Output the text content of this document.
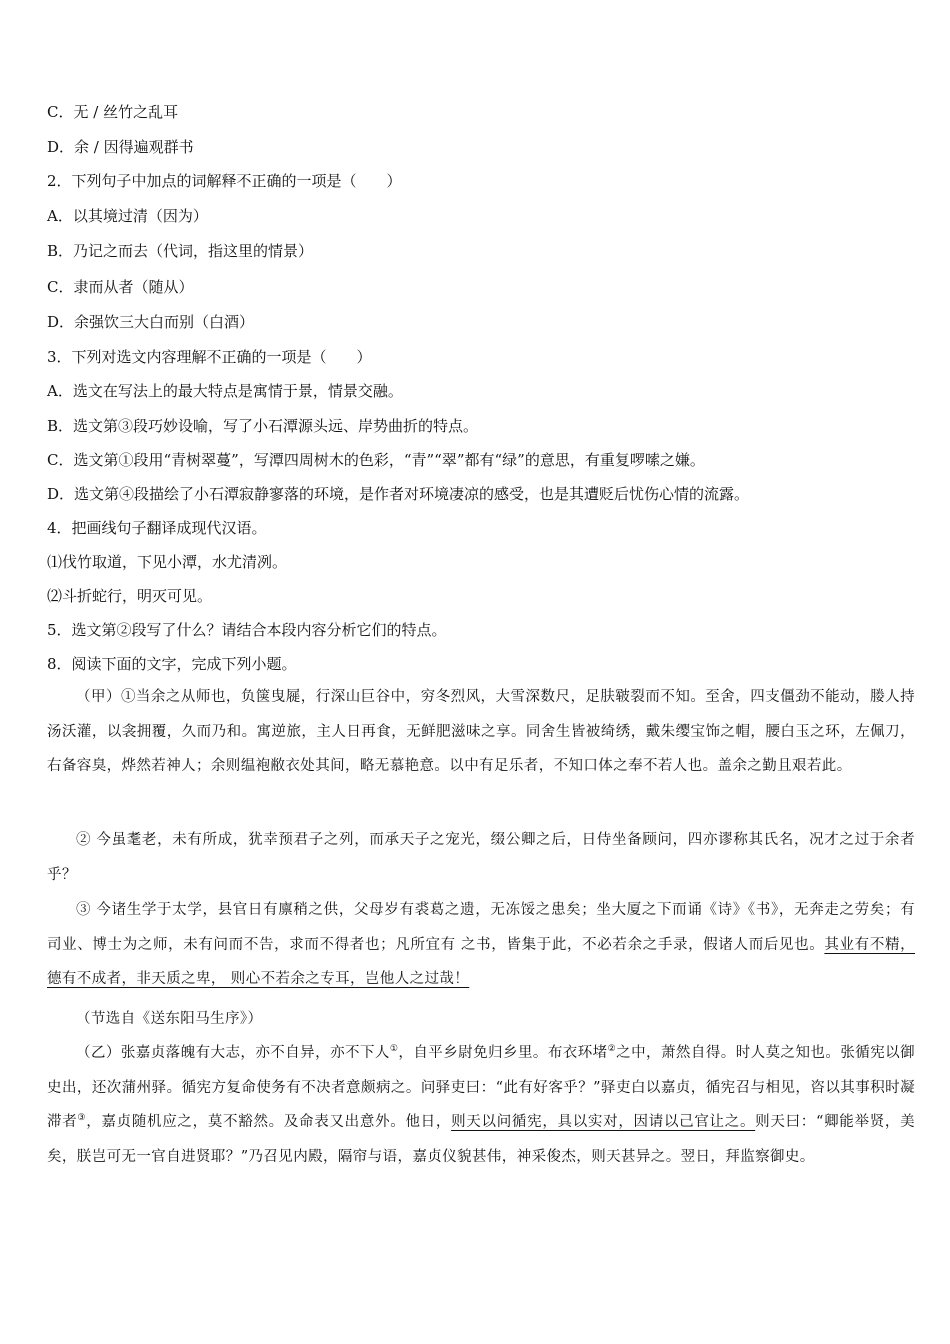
C．无 / 丝竹之乱耳
D．余 / 因得遍观群书
2．下列句子中加点的词解释不正确的一项是（　　）
A．以其境过清（因为）
B．乃记之而去（代词，指这里的情景）
C．隶而从者（随从）
D．余强饮三大白而别（白酒）
3．下列对选文内容理解不正确的一项是（　　）
A．选文在写法上的最大特点是寓情于景，情景交融。
B．选文第③段巧妙设喻，写了小石潭源头远、岸势曲折的特点。
C．选文第①段用“青树翠蔓”，写潭四周树木的色彩，“青”“翠”都有“绿”的意思，有重复啰嗦之嫌。
D．选文第④段描绘了小石潭寂静寥落的环境，是作者对环境凄凉的感受，也是其遭贬后忧伤心情的流露。
4．把画线句子翻译成现代汉语。
⑴伐竹取道，下见小潭，水尤清冽。
⑵斗折蛇行，明灭可见。
5．选文第②段写了什么？请结合本段内容分析它们的特点。
8．阅读下面的文字，完成下列小题。
（甲）①当余之从师也，负箧曳屣，行深山巨谷中，穷冬烈风，大雪深数尺，足肤皲裂而不知。至舍，四支僵劲不能动，媵人持汤沃灌，以衾拥覆，久而乃和。寓逆旅，主人日再食，无鲜肥滋味之享。同舍生皆被绮绣，戴朱缨宝饰之帽，腰白玉之环，左佩刀，右备容臭，烨然若神人；余则缊袍敝衣处其间，略无慕艳意。以中有足乐者，不知口体之奉不若人也。盖余之勤且艰若此。
② 今虽耄老，未有所成，犹幸预君子之列，而承天子之宠光，缀公卿之后，日侍坐备顾问，四亦谬称其氏名，况才之过于余者乎？
③ 今诸生学于太学，县官日有廪稍之供，父母岁有裘葛之遗，无冻馁之患矣；坐大厦之下而诵《诗》《书》，无奔走之劳矣；有司业、博士为之师，未有问而不告，求而不得者也；凡所宜有 之书，皆集于此，不必若余之手录，假诸人而后见也。其业有不精，德有不成者，非天质之卑， 则心不若余之专耳，岂他人之过哉！
（节选自《送东阳马生序》）
（乙）张嘉贞落魄有大志，亦不自异，亦不下人①，自平乡尉免归乡里。布衣环堵②之中，萧然自得。时人莫之知也。张循宪以御史出，还次蒲州驿。循宪方复命使务有不决者意颇病之。问驿吏曰：“此有好客乎？”驿吏白以嘉贞，循宪召与相见，咨以其事积时凝滞者③，嘉贞随机应之，莫不豁然。及命表又出意外。他日，则天以问循宪，具以实对，因请以己官让之。则天曰：“卿能举贤，美矣，朕岂可无一官自进贤耶？”乃召见内殿，隔帘与语，嘉贞仪貌甚伟，神采俊杰，则天甚异之。翌日，拜监察御史。
